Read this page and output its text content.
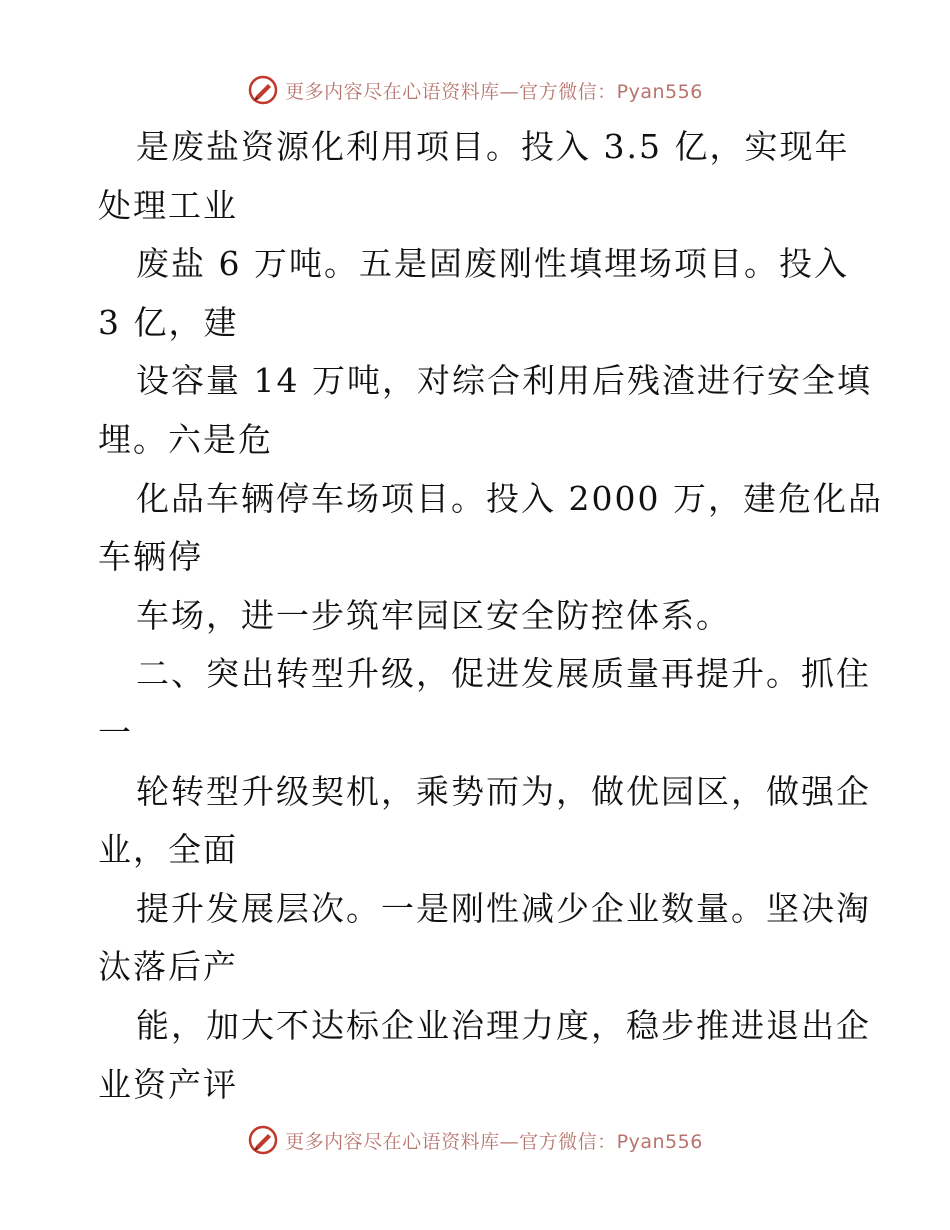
更多内容尽在心语资料库—官方微信：Pyan556
是废盐资源化利用项目。投入 3.5 亿，实现年
处理工业
废盐 6 万吨。五是固废刚性填埋场项目。投入
3 亿，建
设容量 14 万吨，对综合利用后残渣进行安全填
埋。六是危
化品车辆停车场项目。投入 2000 万，建危化品
车辆停
车场，进一步筑牢园区安全防控体系。
二、突出转型升级，促进发展质量再提升。抓住
一
轮转型升级契机，乘势而为，做优园区，做强企
业，全面
提升发展层次。一是刚性减少企业数量。坚决淘
汰落后产
能，加大不达标企业治理力度，稳步推进退出企
业资产评
更多内容尽在心语资料库—官方微信：Pyan556
